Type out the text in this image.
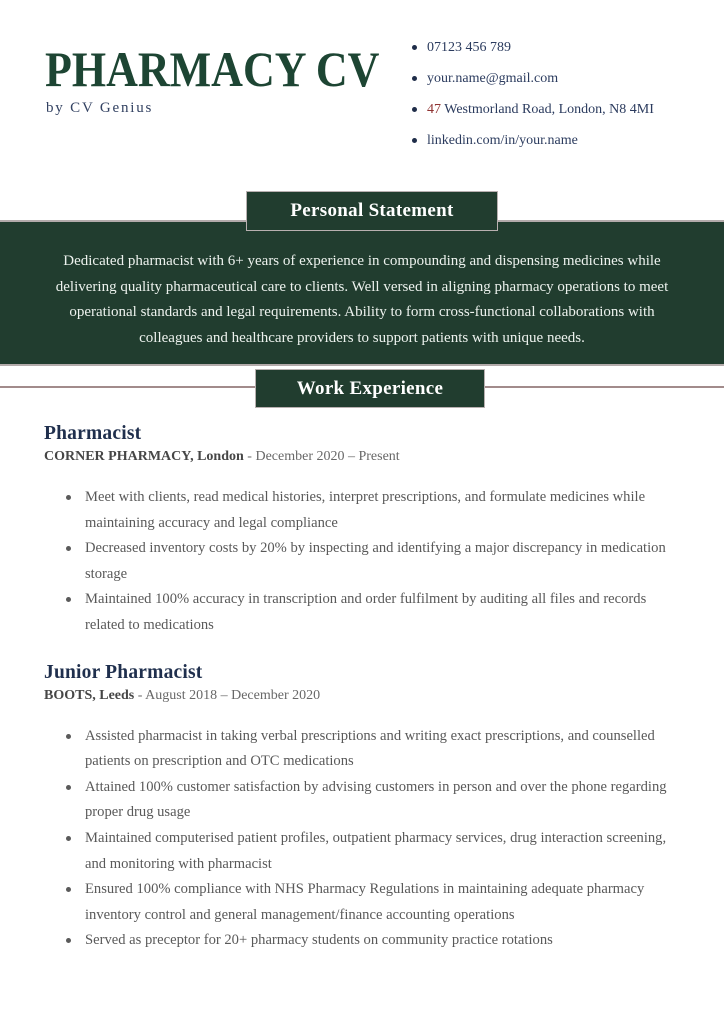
PHARMACY CV
by CV Genius
07123 456 789
your.name@gmail.com
47 Westmorland Road, London, N8 4MI
linkedin.com/in/your.name
Personal Statement
Dedicated pharmacist with 6+ years of experience in compounding and dispensing medicines while
delivering quality pharmaceutical care to clients. Well versed in aligning pharmacy operations to meet
operational standards and legal requirements. Ability to form cross-functional collaborations with
colleagues and healthcare providers to support patients with unique needs.
Work Experience
Pharmacist
CORNER PHARMACY, London - December 2020 – Present
Meet with clients, read medical histories, interpret prescriptions, and formulate medicines while maintaining accuracy and legal compliance
Decreased inventory costs by 20% by inspecting and identifying a major discrepancy in medication storage
Maintained 100% accuracy in transcription and order fulfilment by auditing all files and records related to medications
Junior Pharmacist
BOOTS, Leeds - August 2018 – December 2020
Assisted pharmacist in taking verbal prescriptions and writing exact prescriptions, and counselled patients on prescription and OTC medications
Attained 100% customer satisfaction by advising customers in person and over the phone regarding proper drug usage
Maintained computerised patient profiles, outpatient pharmacy services, drug interaction screening, and monitoring with pharmacist
Ensured 100% compliance with NHS Pharmacy Regulations in maintaining adequate pharmacy inventory control and general management/finance accounting operations
Served as preceptor for 20+ pharmacy students on community practice rotations
